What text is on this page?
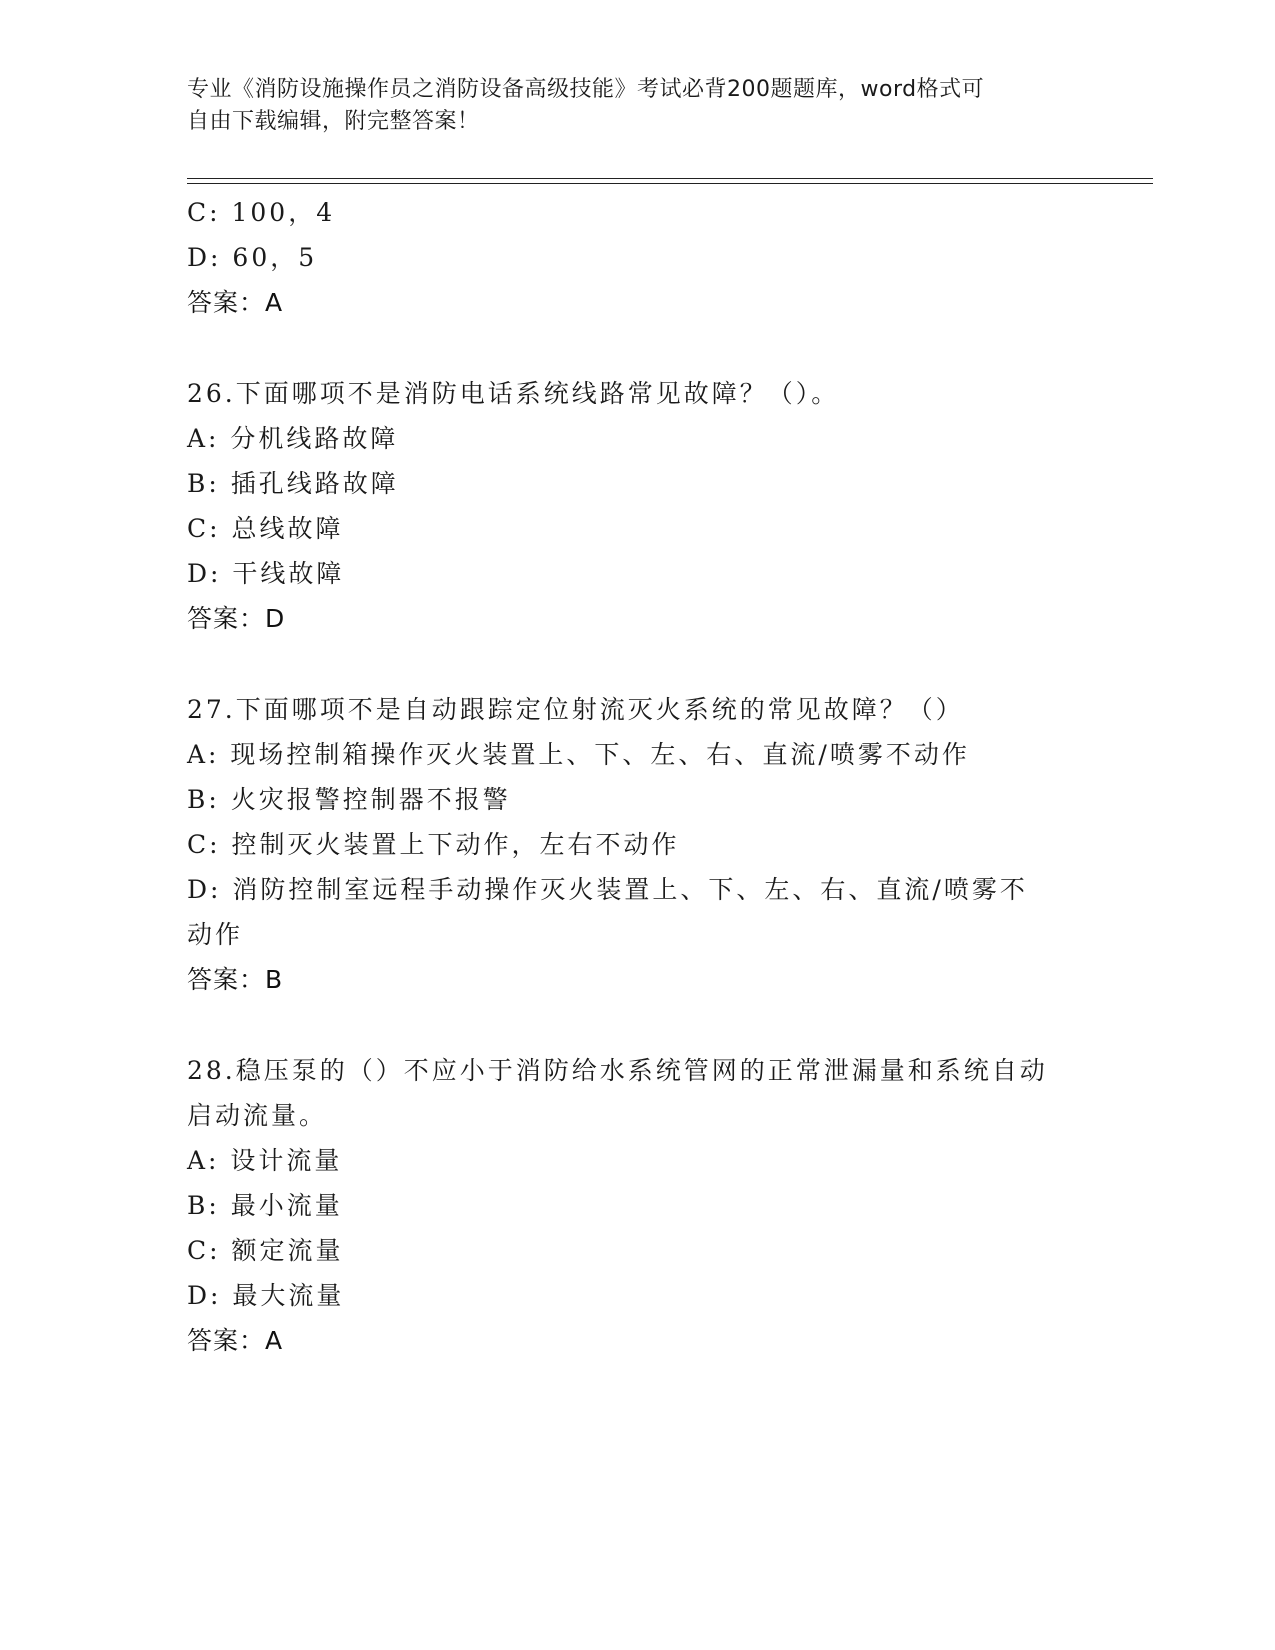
专业《消防设施操作员之消防设备高级技能》考试必背200题题库，word格式可
自由下载编辑，附完整答案！
C: 100，4
D: 60，5
答案：A
26.下面哪项不是消防电话系统线路常见故障？（）。
A: 分机线路故障
B: 插孔线路故障
C: 总线故障
D: 干线故障
答案：D
27.下面哪项不是自动跟踪定位射流灭火系统的常见故障？（）
A: 现场控制箱操作灭火装置上、下、左、右、直流/喷雾不动作
B: 火灾报警控制器不报警
C: 控制灭火装置上下动作，左右不动作
D: 消防控制室远程手动操作灭火装置上、下、左、右、直流/喷雾不
动作
答案：B
28.稳压泵的（）不应小于消防给水系统管网的正常泄漏量和系统自动
启动流量。
A: 设计流量
B: 最小流量
C: 额定流量
D: 最大流量
答案：A
